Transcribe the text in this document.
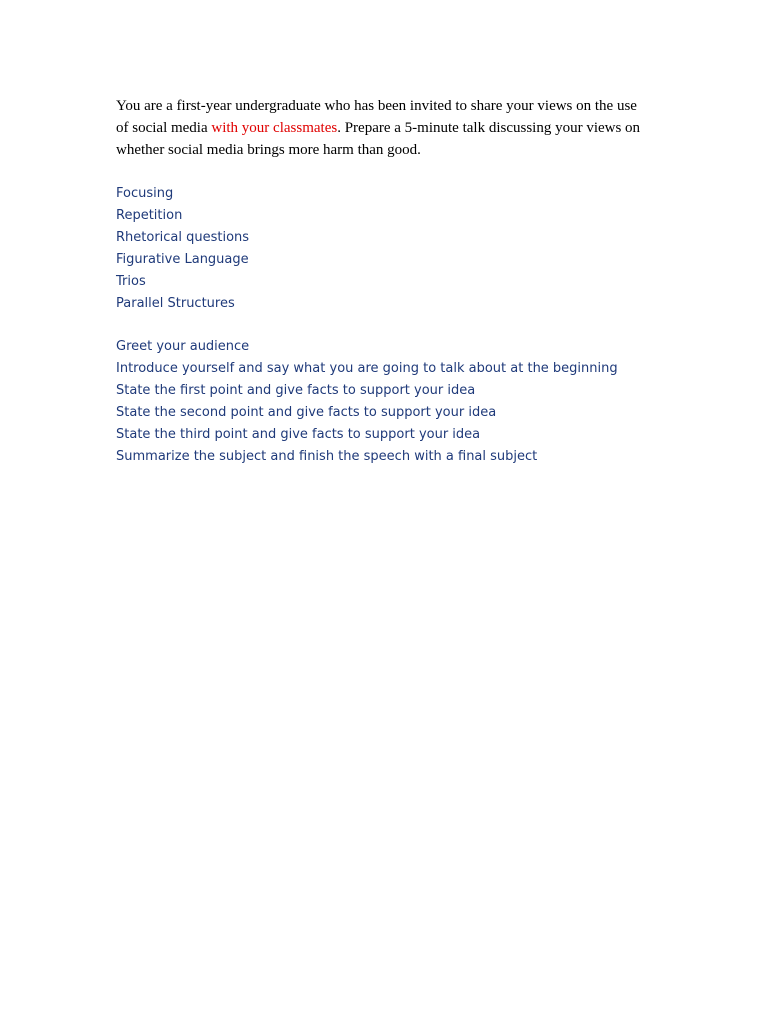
You are a first-year undergraduate who has been invited to share your views on the use of social media with your classmates. Prepare a 5-minute talk discussing your views on whether social media brings more harm than good.

Focusing
Repetition
Rhetorical questions
Figurative Language
Trios
Parallel Structures
Greet your audience
Introduce yourself and say what you are going to talk about at the beginning
State the first point and give facts to support your idea
State the second point and give facts to support your idea
State the third point and give facts to support your idea
Summarize the subject and finish the speech with a final subject
